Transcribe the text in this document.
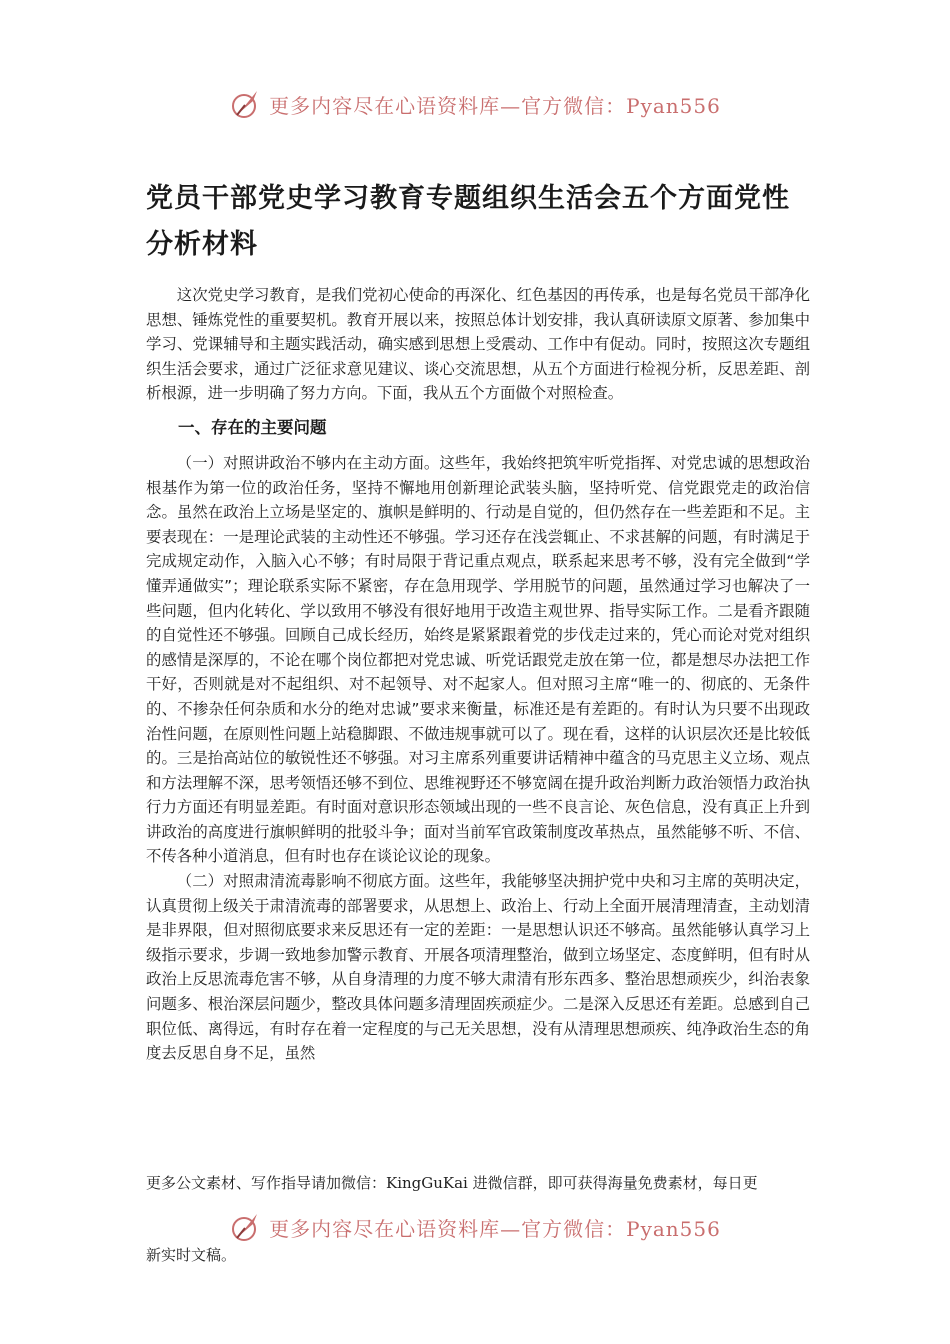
更多内容尽在心语资料库—官方微信：Pyan556
党员干部党史学习教育专题组织生活会五个方面党性分析材料

这次党史学习教育，是我们党初心使命的再深化、红色基因的再传承，也是每名党员干部净化思想、锤炼党性的重要契机。教育开展以来，按照总体计划安排，我认真研读原文原著、参加集中学习、党课辅导和主题实践活动，确实感到思想上受震动、工作中有促动。同时，按照这次专题组织生活会要求，通过广泛征求意见建议、谈心交流思想，从五个方面进行检视分析，反思差距、剖析根源，进一步明确了努力方向。下面，我从五个方面做个对照检查。

一、存在的主要问题

（一）对照讲政治不够内在主动方面。这些年，我始终把筑牢听党指挥、对党忠诚的思想政治根基作为第一位的政治任务，坚持不懈地用创新理论武装头脑，坚持听党、信党跟党走的政治信念。虽然在政治上立场是坚定的、旗帜是鲜明的、行动是自觉的，但仍然存在一些差距和不足。主要表现在：一是理论武装的主动性还不够强。学习还存在浅尝辄止、不求甚解的问题，有时满足于完成规定动作，入脑入心不够；有时局限于背记重点观点，联系起来思考不够，没有完全做到“学懂弄通做实”；理论联系实际不紧密，存在急用现学、学用脱节的问题，虽然通过学习也解决了一些问题，但内化转化、学以致用不够没有很好地用于改造主观世界、指导实际工作。二是看齐跟随的自觉性还不够强。回顾自己成长经历，始终是紧紧跟着党的步伐走过来的，凭心而论对党对组织的感情是深厚的，不论在哪个岗位都把对党忠诚、听党话跟党走放在第一位，都是想尽办法把工作干好，否则就是对不起组织、对不起领导、对不起家人。但对照习主席“唯一的、彻底的、无条件的、不掺杂任何杂质和水分的绝对忠诚”要求来衡量，标准还是有差距的。有时认为只要不出现政治性问题，在原则性问题上站稳脚跟、不做违规事就可以了。现在看，这样的认识层次还是比较低的。三是抬高站位的敏锐性还不够强。对习主席系列重要讲话精神中蕴含的马克思主义立场、观点和方法理解不深，思考领悟还够不到位、思维视野还不够宽阔在提升政治判断力政治领悟力政治执行力方面还有明显差距。有时面对意识形态领域出现的一些不良言论、灰色信息，没有真正上升到讲政治的高度进行旗帜鲜明的批驳斗争；面对当前军官政策制度改革热点，虽然能够不听、不信、不传各种小道消息，但有时也存在谈论议论的现象。

（二）对照肃清流毒影响不彻底方面。这些年，我能够坚决拥护党中央和习主席的英明决定，认真贯彻上级关于肃清流毒的部署要求，从思想上、政治上、行动上全面开展清理清查，主动划清是非界限，但对照彻底要求来反思还有一定的差距：一是思想认识还不够高。虽然能够认真学习上级指示要求，步调一致地参加警示教育、开展各项清理整治，做到立场坚定、态度鲜明，但有时从政治上反思流毒危害不够，从自身清理的力度不够大肃清有形东西多、整治思想顽疾少，纠治表象问题多、根治深层问题少，整改具体问题多清理固疾顽症少。二是深入反思还有差距。总感到自己职位低、离得远，有时存在着一定程度的与己无关思想，没有从清理思想顽疾、纯净政治生态的角度去反思自身不足，虽然

更多公文素材、写作指导请加微信：KingGuKai 进微信群，即可获得海量免费素材，每日更
更多内容尽在心语资料库—官方微信：Pyan556
新实时文稿。
